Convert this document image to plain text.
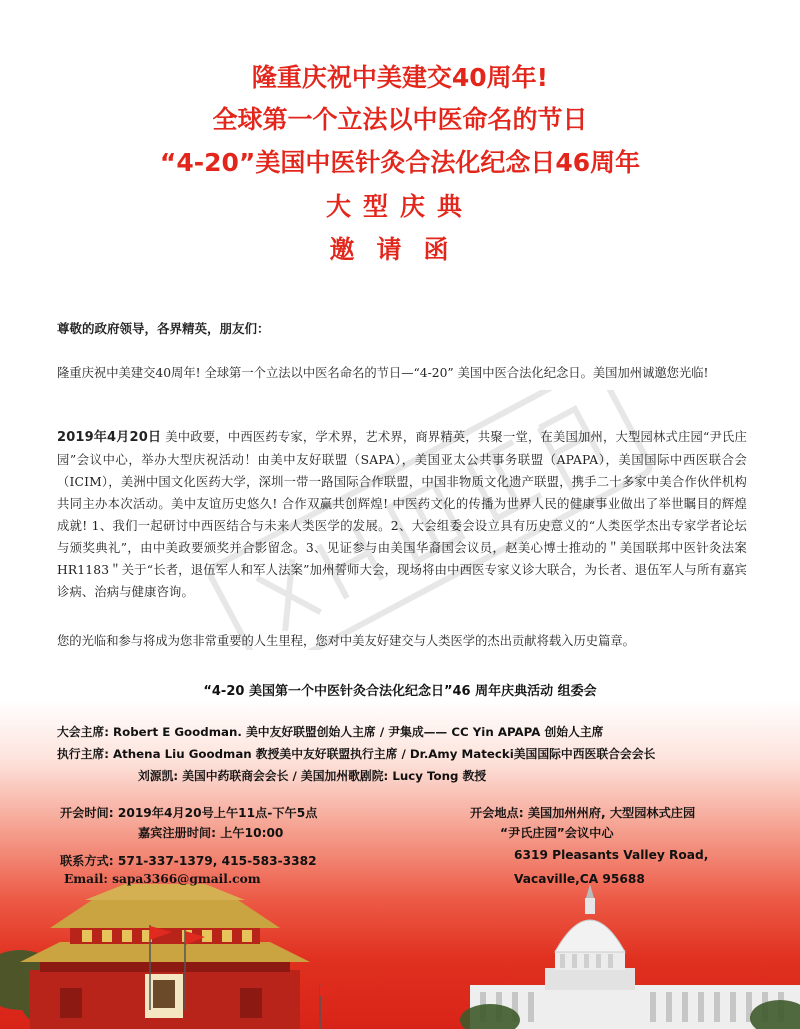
隆重庆祝中美建交40周年!
全球第一个立法以中医命名的节日
“4-20”美国中医针灸合法化纪念日46周年
大型庆典
邀请函
尊敬的政府领导，各界精英，朋友们：
隆重庆祝中美建交40周年! 全球第一个立法以中医名命名的节日—“4-20” 美国中医合法化纪念日。美国加州诚邀您光临!
2019年4月20日 美中政要，中西医药专家，学术界，艺术界，商界精英，共聚一堂，在美国加州，大型园林式庄园“尹氏庄园”会议中心，举办大型庆祝活动！由美中友好联盟（SAPA），美国亚太公共事务联盟（APAPA），美国国际中西医联合会（ICIM），美洲中国文化医药大学，深圳一带一路国际合作联盟，中国非物质文化遗产联盟，携手二十多家中美合作伙伴机构共同主办本次活动。美中友谊历史悠久! 合作双赢共创辉煌! 中医药文化的传播为世界人民的健康事业做出了举世瞩目的辉煌成就! 1、我们一起研讨中西医结合与未来人类医学的发展。2、大会组委会设立具有历史意义的“人类医学杰出专家学者论坛与颁奖典礼”，由中美政要颁奖并合影留念。3、见证参与由美国华裔国会议员，赵美心博士推动的＂美国联邦中医针灸法案HR1183＂关于“长者，退伍军人和军人法案”加州誓师大会，现场将由中西医专家义诊大联合，为长者、退伍军人与所有嘉宾诊病、治病与健康咨询。
您的光临和参与将成为您非常重要的人生里程，您对中美友好建交与人类医学的杰出贡献将载入历史篇章。
“4-20 美国第一个中医针灸合法化纪念日”46 周年庆典活动 组委会
大会主席: Robert E Goodman. 美中友好联盟创始人主席 / 尹集成—— CC Yin APAPA 创始人主席
执行主席: Athena Liu Goodman 教授美中友好联盟执行主席 / Dr.Amy Matecki美国国际中西医联合会会长
刘源凯: 美国中药联商会会长 / 美国加州歌剧院: Lucy Tong 教授
开会时间: 2019年4月20号上午11点-下午5点
嘉宾注册时间: 上午10:00
联系方式: 571-337-1379, 415-583-3382
Email: sapa3366@gmail.com
开会地点: 美国加州州府, 大型园林式庄园
“尹氏庄园”会议中心
6319 Pleasants Valley Road,
Vacaville,CA 95688
